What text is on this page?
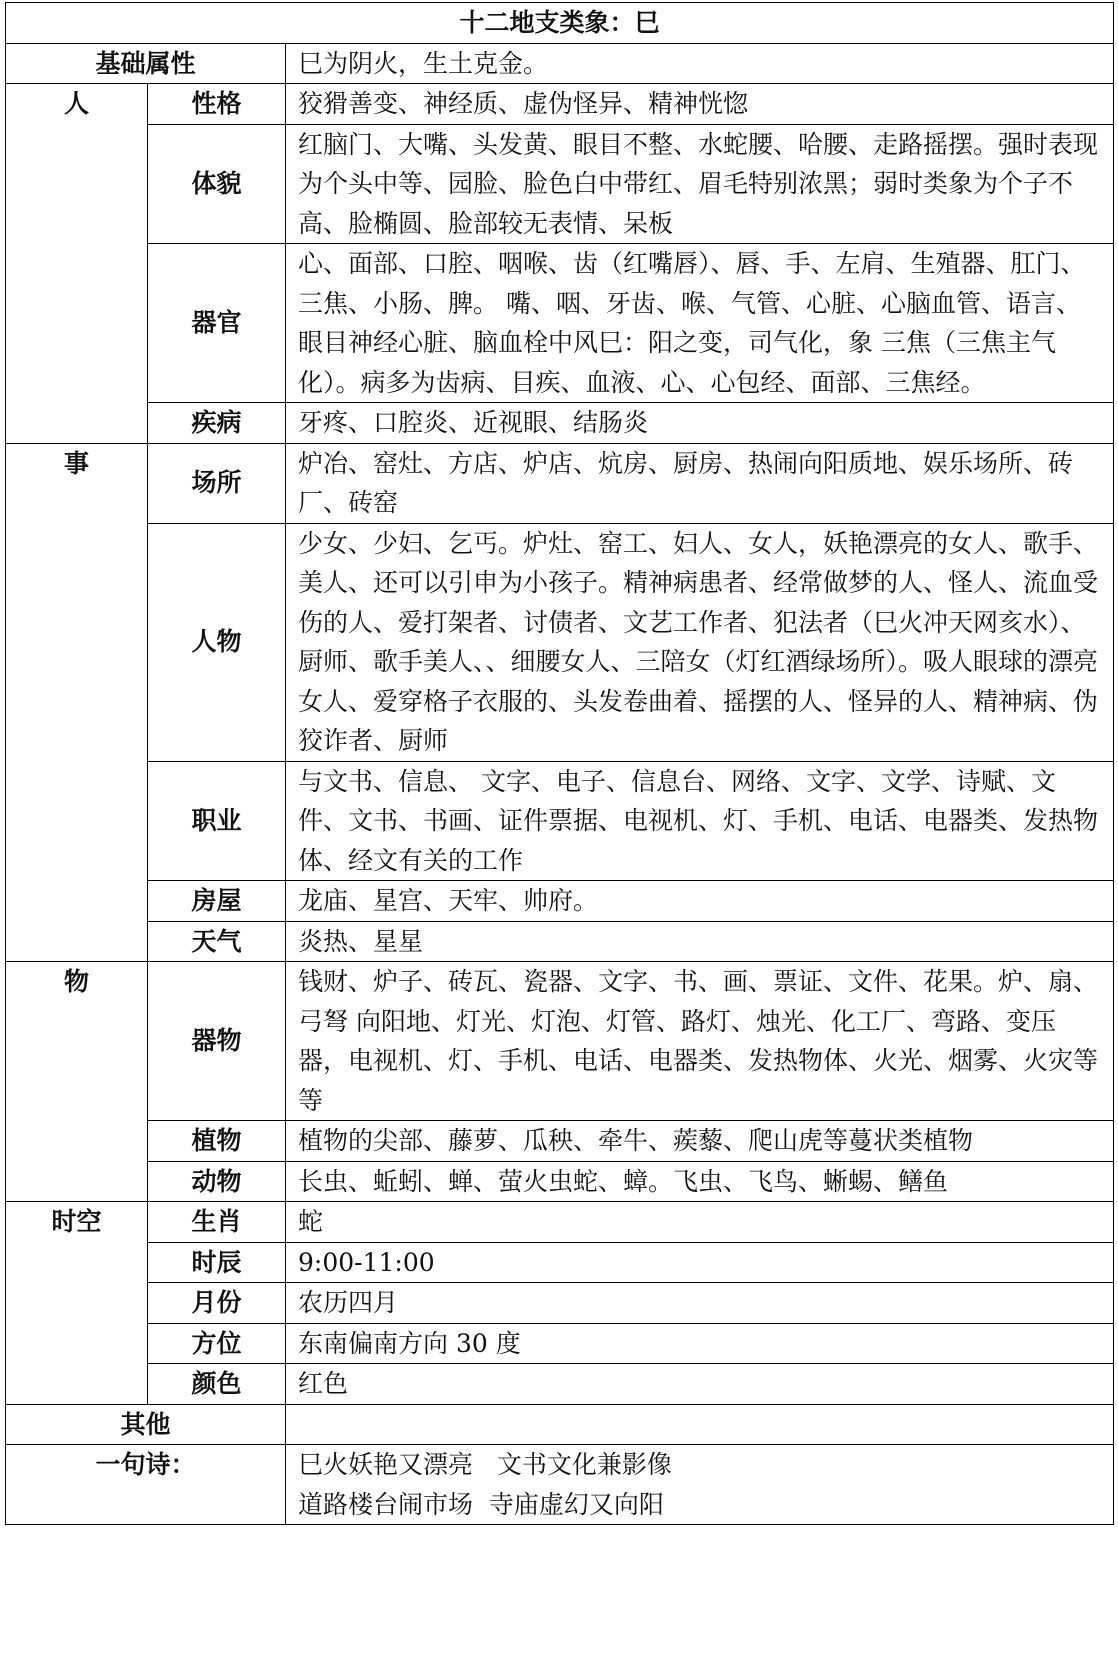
十二地支类象：巳		
基础属性		巳为阴火，生土克金。
人	性格	狡猾善变、神经质、虚伪怪异、精神恍惚
	体貌	红脑门、大嘴、头发黄、眼目不整、水蛇腰、哈腰、走路摇摆。强时表现为个头中等、园脸、脸色白中带红、眉毛特别浓黑；弱时类象为个子不高、脸椭圆、脸部较无表情、呆板
	器官	心、面部、口腔、咽喉、齿（红嘴唇）、唇、手、左肩、生殖器、肛门、三焦、小肠、脾。 嘴、咽、牙齿、喉、气管、心脏、心脑血管、语言、眼目神经心脏、脑血栓中风巳：阳之变，司气化，象 三焦（三焦主气化）。病多为齿病、目疾、血液、心、心包经、面部、三焦经。
	疾病	牙疼、口腔炎、近视眼、结肠炎
事	场所	炉冶、窑灶、方店、炉店、炕房、厨房、热闹向阳质地、娱乐场所、砖厂、砖窑
	人物	少女、少妇、乞丐。炉灶、窑工、妇人、女人，妖艳漂亮的女人、歌手、美人、还可以引申为小孩子。精神病患者、经常做梦的人、怪人、流血受伤的人、爱打架者、讨债者、文艺工作者、犯法者（巳火冲天网亥水）、厨师、歌手美人、、细腰女人、三陪女（灯红酒绿场所）。吸人眼球的漂亮女人、爱穿格子衣服的、头发卷曲着、摇摆的人、怪异的人、精神病、伪狡诈者、厨师
	职业	与文书、信息、 文字、电子、信息台、网络、文字、文学、诗赋、文件、文书、书画、证件票据、电视机、灯、手机、电话、电器类、发热物体、经文有关的工作
	房屋	龙庙、星宫、天牢、帅府。
	天气	炎热、星星
物	器物	钱财、炉子、砖瓦、瓷器、文字、书、画、票证、文件、花果。炉、扇、弓弩 向阳地、灯光、灯泡、灯管、路灯、烛光、化工厂、弯路、变压器，电视机、灯、手机、电话、电器类、发热物体、火光、烟雾、火灾等等
	植物	植物的尖部、藤萝、瓜秧、牵牛、蒺藜、爬山虎等蔓状类植物
	动物	长虫、蚯蚓、蝉、萤火虫蛇、蟑。飞虫、飞鸟、蜥蜴、鳝鱼
时空	生肖	蛇
	时辰	9:00-11:00
	月份	农历四月
	方位	东南偏南方向 30 度
	颜色	红色
其他		
一句诗：		巳火妖艳又漂亮   文书文化兼影像
道路楼台闹市场  寺庙虚幻又向阳
